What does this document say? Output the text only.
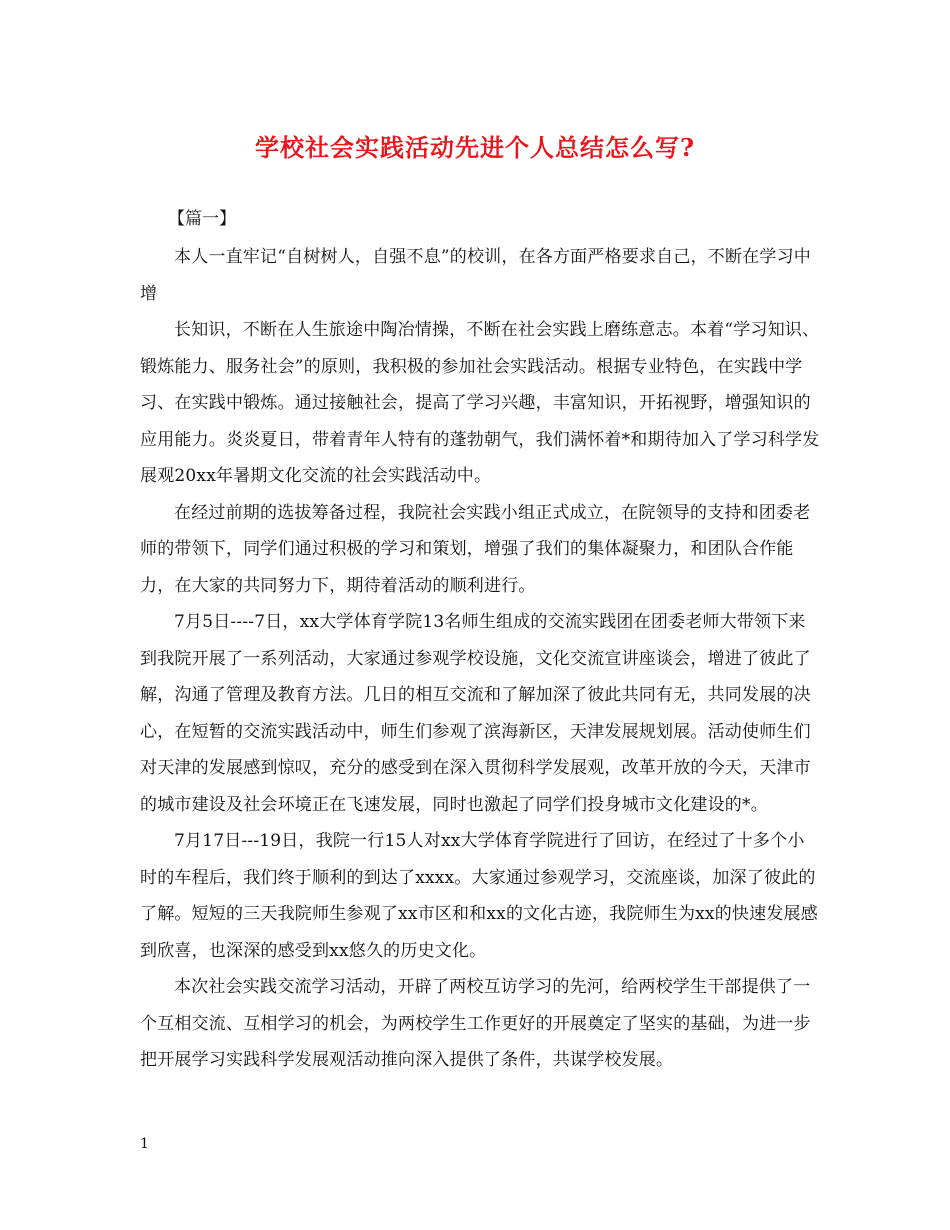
学校社会实践活动先进个人总结怎么写?
【篇一】

本人一直牢记“自树树人，自强不息”的校训，在各方面严格要求自己，不断在学习中增

长知识，不断在人生旅途中陶冶情操，不断在社会实践上磨练意志。本着“学习知识、锻炼能力、服务社会”的原则，我积极的参加社会实践活动。根据专业特色，在实践中学习、在实践中锻炼。通过接触社会，提高了学习兴趣，丰富知识，开拓视野，增强知识的应用能力。炎炎夏日，带着青年人特有的蓬勃朝气，我们满怀着*和期待加入了学习科学发展观20xx年暑期文化交流的社会实践活动中。

在经过前期的选拔筹备过程，我院社会实践小组正式成立，在院领导的支持和团委老师的带领下，同学们通过积极的学习和策划，增强了我们的集体凝聚力，和团队合作能力，在大家的共同努力下，期待着活动的顺利进行。

7月5日----7日，xx大学体育学院13名师生组成的交流实践团在团委老师大带领下来到我院开展了一系列活动，大家通过参观学校设施，文化交流宣讲座谈会，增进了彼此了解，沟通了管理及教育方法。几日的相互交流和了解加深了彼此共同有无，共同发展的决心，在短暂的交流实践活动中，师生们参观了滨海新区，天津发展规划展。活动使师生们对天津的发展感到惊叹，充分的感受到在深入贯彻科学发展观，改革开放的今天，天津市的城市建设及社会环境正在飞速发展，同时也激起了同学们投身城市文化建设的*。

7月17日---19日，我院一行15人对xx大学体育学院进行了回访，在经过了十多个小时的车程后，我们终于顺利的到达了xxxx。大家通过参观学习，交流座谈，加深了彼此的了解。短短的三天我院师生参观了xx市区和和xx的文化古迹，我院师生为xx的快速发展感到欣喜，也深深的感受到xx悠久的历史文化。

本次社会实践交流学习活动，开辟了两校互访学习的先河，给两校学生干部提供了一个互相交流、互相学习的机会，为两校学生工作更好的开展奠定了坚实的基础，为进一步把开展学习实践科学发展观活动推向深入提供了条件，共谋学校发展。

1
